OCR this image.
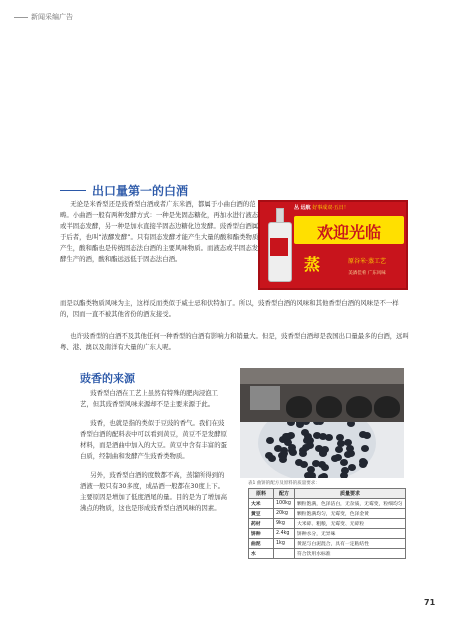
新闻采编广告
出口量第一的白酒

无论是米香型还是豉香型白酒或者广东米酒，都属于小曲白酒的范畴。小曲酒一般有两种发酵方式：一种是先固态糖化，再加水进行液态或半固态发酵，另一种是加水直接半固态边糖化边发酵。豉香型白酒属于后者，也叫“浓醪发酵”。只有固态发酵才能产生大量的酸和酯类物质产生，酸和酯也是传统固态法白酒的主要风味物质。而液态或半固态发酵生产的酒，酸和酯远远低于固态法白酒。

丛 远航 好事成双·五日！
欢迎光临
蒸	原谷米·蒸工艺
美酒佳肴 广东风味

而是以酯类物质风味为主，这样反而类似于威士忌和伏特加了。所以，豉香型白酒的风味和其他香型白酒的风味是不一样的，因而一直不被其他省份的酒友接受。

也许豉香型的白酒不及其他任何一种香型的白酒有影响力和销量大。但是，豉香型白酒却是我国出口量最多的白酒，远叫粤、港、澳以及南洋有大量的广东人呢。

豉香的来源

豉香型白酒在工艺上虽然有特殊的肥肉浸泡工艺，但其豉香型风味来源却不是主要来源于此。

豉香，也就是指的类似于豆豉的香气。我们在豉香型白酒的配料表中可以看到黄豆，黄豆不是发酵原材料，而是酒曲中加入的大豆。黄豆中含有丰富的蛋白质，经制曲和发酵产生豉香类物质。

另外，豉香型白酒的度数都不高，蒸馏所得到的酒液一般只有30多度，成品酒一般都在30度上下。主要原因是增加了低度酒尾的量。目的是为了增加高沸点的物质，这也是形成豉香型白酒风味的因素。

表1 曲饼的配方及原料的质量要求：
原料	配方	质量要求
大米	100kg	颗粒饱满，色泽洁白，无杂质，无霉变，粒细均匀
黄豆	20kg	颗粒饱满均匀，无霉变，色泽金黄
药材	9kg	大米碎、粗粮，无霉变、无碎粒
饼种	2.4kg	饼种水分，无异味
曲泥	1kg	黄泥与白泥混合，具有一定粘结性
水		符合饮用水标准
71
